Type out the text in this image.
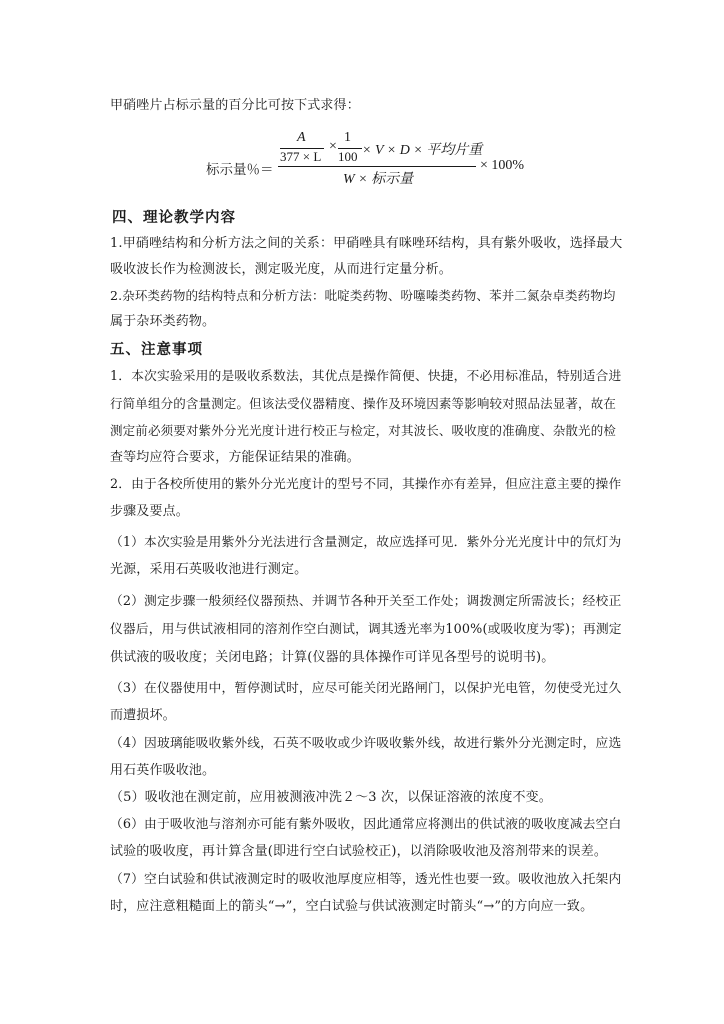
甲硝唑片占标示量的百分比可按下式求得：
A
377 × L
×
1
100 × V × D × 平均片重
标示量％＝
W × 标示量
× 100%
四、理论教学内容
1.甲硝唑结构和分析方法之间的关系：甲硝唑具有咪唑环结构，具有紫外吸收，选择最大
吸收波长作为检测波长，测定吸光度，从而进行定量分析。
2.杂环类药物的结构特点和分析方法：吡啶类药物、吩噻嗪类药物、苯并二氮杂卓类药物均
属于杂环类药物。
五、注意事项
1．本次实验采用的是吸收系数法，其优点是操作简便、快捷，不必用标准品，特别适合进
行简单组分的含量测定。但该法受仪器精度、操作及环境因素等影响较对照品法显著，故在
测定前必须要对紫外分光光度计进行校正与检定，对其波长、吸收度的准确度、杂散光的检
查等均应符合要求，方能保证结果的准确。
2．由于各校所使用的紫外分光光度计的型号不同，其操作亦有差异，但应注意主要的操作
步骤及要点。
（1）本次实验是用紫外分光法进行含量测定，故应选择可见．紫外分光光度计中的氘灯为
光源，采用石英吸收池进行测定。
（2）测定步骤一般须经仪器预热、并调节各种开关至工作处；调拨测定所需波长；经校正
仪器后，用与供试液相同的溶剂作空白测试，调其透光率为100%(或吸收度为零)；再测定
供试液的吸收度；关闭电路；计算(仪器的具体操作可详见各型号的说明书)。
（3）在仪器使用中，暂停测试时，应尽可能关闭光路闸门，以保护光电管，勿使受光过久
而遭损坏。
（4）因玻璃能吸收紫外线，石英不吸收或少许吸收紫外线，故进行紫外分光测定时，应选
用石英作吸收池。
（5）吸收池在测定前，应用被测液冲洗２～3 次，以保证溶液的浓度不变。
（6）由于吸收池与溶剂亦可能有紫外吸收，因此通常应将测出的供试液的吸收度减去空白
试验的吸收度，再计算含量(即进行空白试验校正)，以消除吸收池及溶剂带来的误差。
（7）空白试验和供试液测定时的吸收池厚度应相等，透光性也要一致。吸收池放入托架内
时，应注意粗糙面上的箭头“→”，空白试验与供试液测定时箭头“→”的方向应一致。
